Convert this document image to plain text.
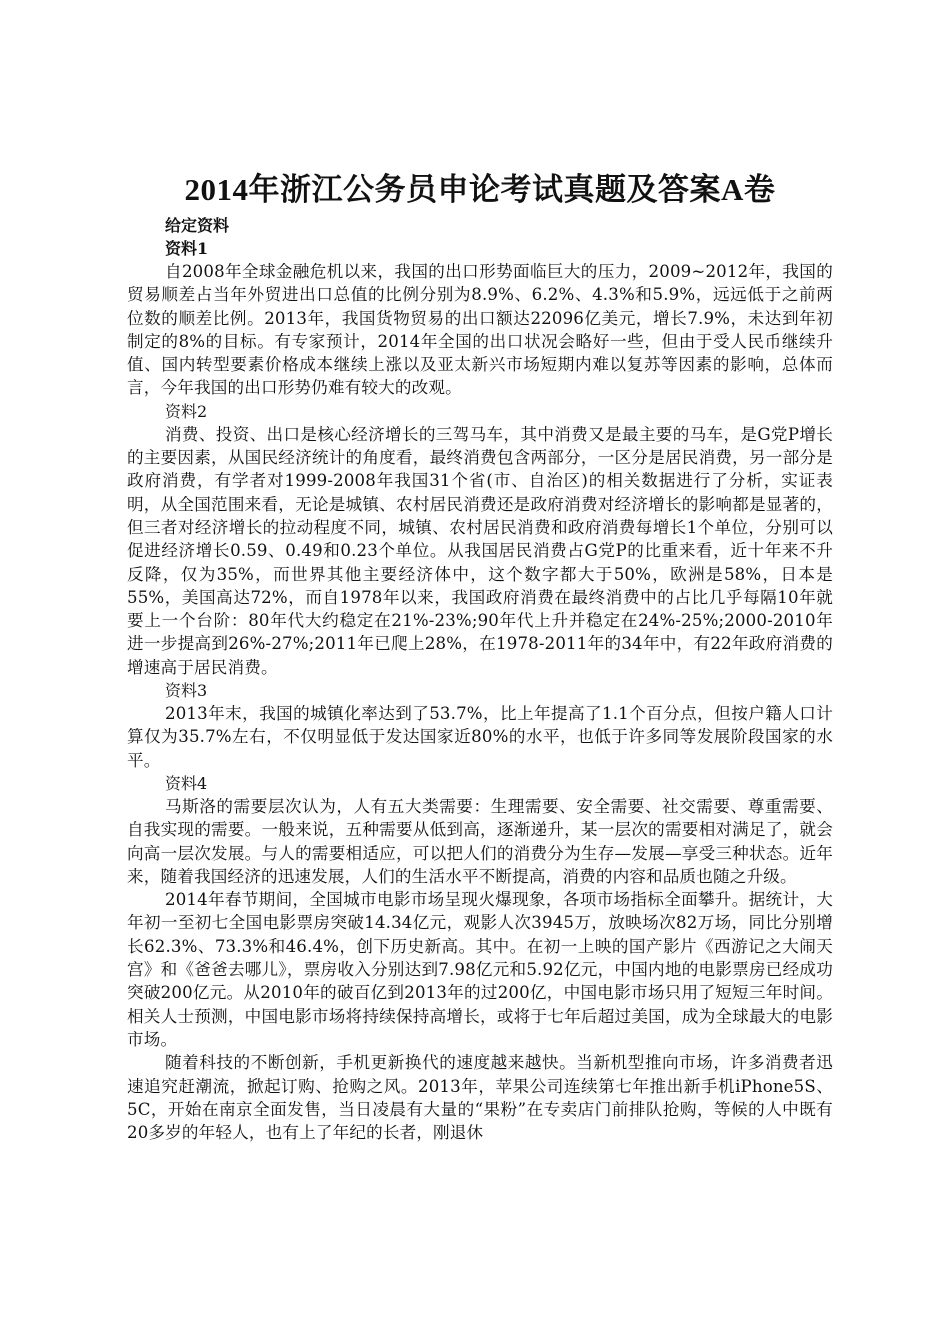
2014年浙江公务员申论考试真题及答案A卷
给定资料
资料1

自2008年全球金融危机以来，我国的出口形势面临巨大的压力，2009~2012年，我国的贸易顺差占当年外贸进出口总值的比例分别为8.9%、6.2%、4.3%和5.9%，远远低于之前两位数的顺差比例。2013年，我国货物贸易的出口额达22096亿美元，增长7.9%，未达到年初制定的8%的目标。有专家预计，2014年全国的出口状况会略好一些，但由于受人民币继续升值、国内转型要素价格成本继续上涨以及亚太新兴市场短期内难以复苏等因素的影响，总体而言，今年我国的出口形势仍难有较大的改观。

资料2

消费、投资、出口是核心经济增长的三驾马车，其中消费又是最主要的马车，是G党P增长的主要因素，从国民经济统计的角度看，最终消费包含两部分，一区分是居民消费，另一部分是政府消费，有学者对1999-2008年我国31个省(市、自治区)的相关数据进行了分析，实证表明，从全国范围来看，无论是城镇、农村居民消费还是政府消费对经济增长的影响都是显著的，但三者对经济增长的拉动程度不同，城镇、农村居民消费和政府消费每增长1个单位，分别可以促进经济增长0.59、0.49和0.23个单位。从我国居民消费占G党P的比重来看，近十年来不升反降，仅为35%，而世界其他主要经济体中，这个数字都大于50%，欧洲是58%，日本是55%，美国高达72%，而自1978年以来，我国政府消费在最终消费中的占比几乎每隔10年就要上一个台阶：80年代大约稳定在21%-23%;90年代上升并稳定在24%-25%;2000-2010年进一步提高到26%-27%;2011年已爬上28%，在1978-2011年的34年中，有22年政府消费的增速高于居民消费。

资料3

2013年末，我国的城镇化率达到了53.7%，比上年提高了1.1个百分点，但按户籍人口计算仅为35.7%左右，不仅明显低于发达国家近80%的水平，也低于许多同等发展阶段国家的水平。

资料4

马斯洛的需要层次认为，人有五大类需要：生理需要、安全需要、社交需要、尊重需要、自我实现的需要。一般来说，五种需要从低到高，逐渐递升，某一层次的需要相对满足了，就会向高一层次发展。与人的需要相适应，可以把人们的消费分为生存—发展—享受三种状态。近年来，随着我国经济的迅速发展，人们的生活水平不断提高，消费的内容和品质也随之升级。

2014年春节期间，全国城市电影市场呈现火爆现象，各项市场指标全面攀升。据统计，大年初一至初七全国电影票房突破14.34亿元，观影人次3945万，放映场次82万场，同比分别增长62.3%、73.3%和46.4%，创下历史新高。其中。在初一上映的国产影片《西游记之大闹天宫》和《爸爸去哪儿》，票房收入分别达到7.98亿元和5.92亿元，中国内地的电影票房已经成功突破200亿元。从2010年的破百亿到2013年的过200亿，中国电影市场只用了短短三年时间。相关人士预测，中国电影市场将持续保持高增长，或将于七年后超过美国，成为全球最大的电影市场。

随着科技的不断创新，手机更新换代的速度越来越快。当新机型推向市场，许多消费者迅速追究赶潮流，掀起订购、抢购之风。2013年，苹果公司连续第七年推出新手机iPhone5S、5C，开始在南京全面发售，当日凌晨有大量的“果粉”在专卖店门前排队抢购，等候的人中既有20多岁的年轻人，也有上了年纪的长者，刚退休
